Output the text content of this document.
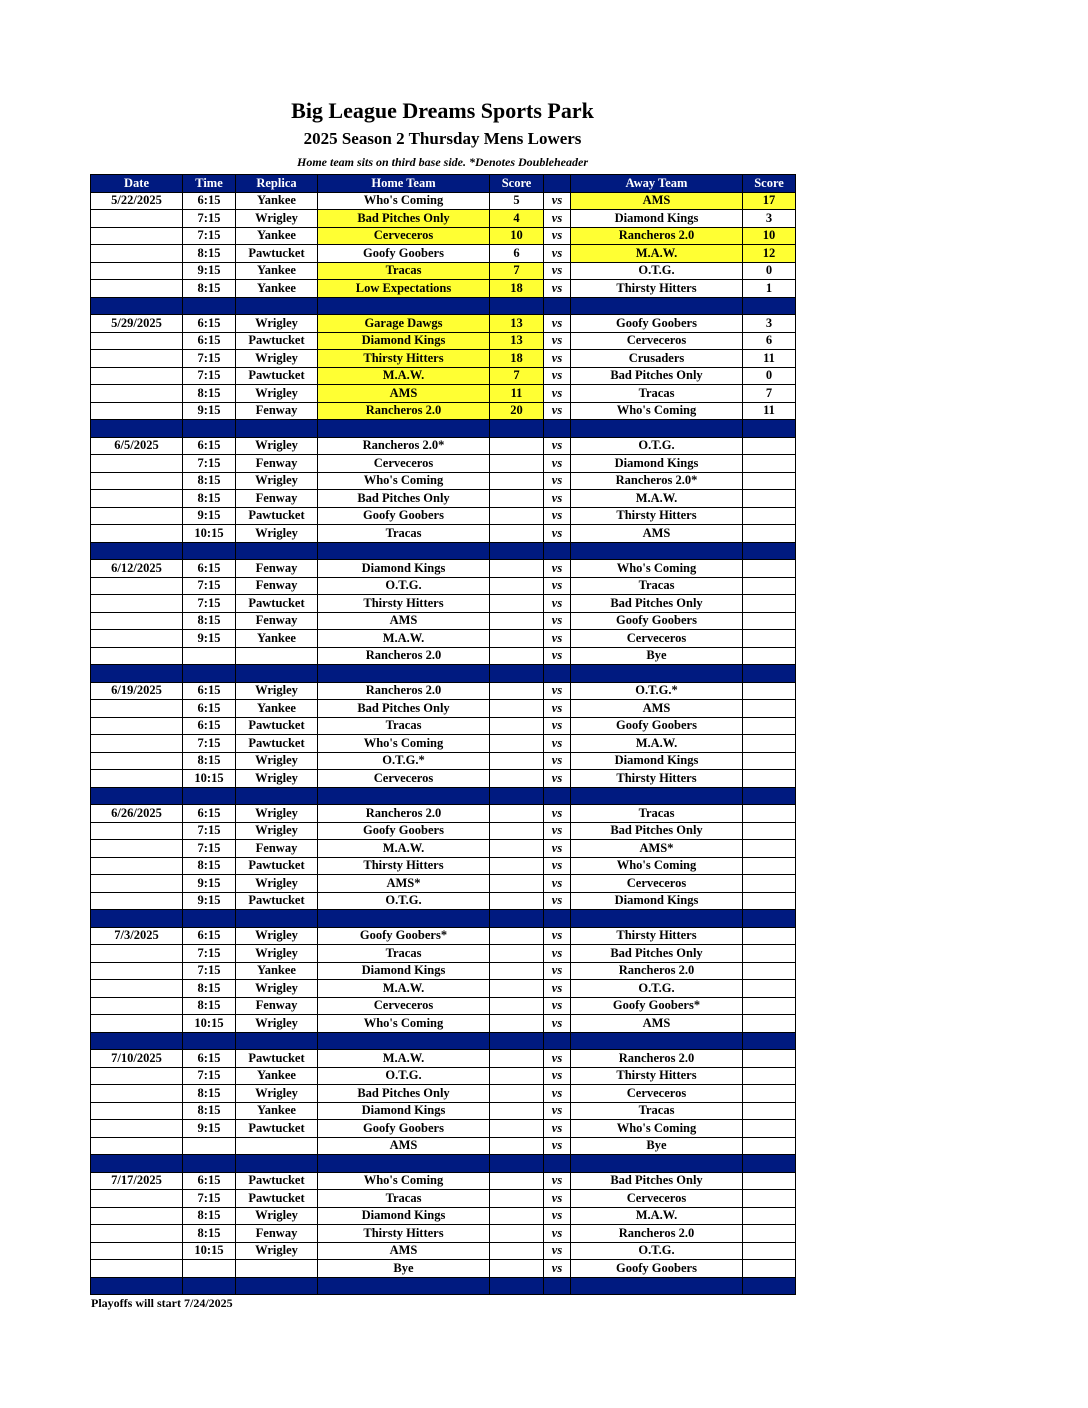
Big League Dreams Sports Park
2025 Season 2 Thursday Mens Lowers
Home team sits on third base side. *Denotes Doubleheader
Date	Time	Replica	Home Team	Score		Away Team	Score
5/22/2025	6:15	Yankee	Who's Coming	5	vs	AMS	17
	7:15	Wrigley	Bad Pitches Only	4	vs	Diamond Kings	3
	7:15	Yankee	Cerveceros	10	vs	Rancheros 2.0	10
	8:15	Pawtucket	Goofy Goobers	6	vs	M.A.W.	12
	9:15	Yankee	Tracas	7	vs	O.T.G.	0
	8:15	Yankee	Low Expectations	18	vs	Thirsty Hitters	1

5/29/2025	6:15	Wrigley	Garage Dawgs	13	vs	Goofy Goobers	3
	6:15	Pawtucket	Diamond Kings	13	vs	Cerveceros	6
	7:15	Wrigley	Thirsty Hitters	18	vs	Crusaders	11
	7:15	Pawtucket	M.A.W.	7	vs	Bad Pitches Only	0
	8:15	Wrigley	AMS	11	vs	Tracas	7
	9:15	Fenway	Rancheros 2.0	20	vs	Who's Coming	11

6/5/2025	6:15	Wrigley	Rancheros 2.0*		vs	O.T.G.	
	7:15	Fenway	Cerveceros		vs	Diamond Kings	
	8:15	Wrigley	Who's Coming		vs	Rancheros 2.0*	
	8:15	Fenway	Bad Pitches Only		vs	M.A.W.	
	9:15	Pawtucket	Goofy Goobers		vs	Thirsty Hitters	
	10:15	Wrigley	Tracas		vs	AMS	

6/12/2025	6:15	Fenway	Diamond Kings		vs	Who's Coming	
	7:15	Fenway	O.T.G.		vs	Tracas	
	7:15	Pawtucket	Thirsty Hitters		vs	Bad Pitches Only	
	8:15	Fenway	AMS		vs	Goofy Goobers	
	9:15	Yankee	M.A.W.		vs	Cerveceros	
			Rancheros 2.0		vs	Bye	

6/19/2025	6:15	Wrigley	Rancheros 2.0		vs	O.T.G.*	
	6:15	Yankee	Bad Pitches Only		vs	AMS	
	6:15	Pawtucket	Tracas		vs	Goofy Goobers	
	7:15	Pawtucket	Who's Coming		vs	M.A.W.	
	8:15	Wrigley	O.T.G.*		vs	Diamond Kings	
	10:15	Wrigley	Cerveceros		vs	Thirsty Hitters	

6/26/2025	6:15	Wrigley	Rancheros 2.0		vs	Tracas	
	7:15	Wrigley	Goofy Goobers		vs	Bad Pitches Only	
	7:15	Fenway	M.A.W.		vs	AMS*	
	8:15	Pawtucket	Thirsty Hitters		vs	Who's Coming	
	9:15	Wrigley	AMS*		vs	Cerveceros	
	9:15	Pawtucket	O.T.G.		vs	Diamond Kings	

7/3/2025	6:15	Wrigley	Goofy Goobers*		vs	Thirsty Hitters	
	7:15	Wrigley	Tracas		vs	Bad Pitches Only	
	7:15	Yankee	Diamond Kings		vs	Rancheros 2.0	
	8:15	Wrigley	M.A.W.		vs	O.T.G.	
	8:15	Fenway	Cerveceros		vs	Goofy Goobers*	
	10:15	Wrigley	Who's Coming		vs	AMS	

7/10/2025	6:15	Pawtucket	M.A.W.		vs	Rancheros 2.0	
	7:15	Yankee	O.T.G.		vs	Thirsty Hitters	
	8:15	Wrigley	Bad Pitches Only		vs	Cerveceros	
	8:15	Yankee	Diamond Kings		vs	Tracas	
	9:15	Pawtucket	Goofy Goobers		vs	Who's Coming	
			AMS		vs	Bye	

7/17/2025	6:15	Pawtucket	Who's Coming		vs	Bad Pitches Only	
	7:15	Pawtucket	Tracas		vs	Cerveceros	
	8:15	Wrigley	Diamond Kings		vs	M.A.W.	
	8:15	Fenway	Thirsty Hitters		vs	Rancheros 2.0	
	10:15	Wrigley	AMS		vs	O.T.G.	
			Bye		vs	Goofy Goobers	

Playoffs will start 7/24/2025
